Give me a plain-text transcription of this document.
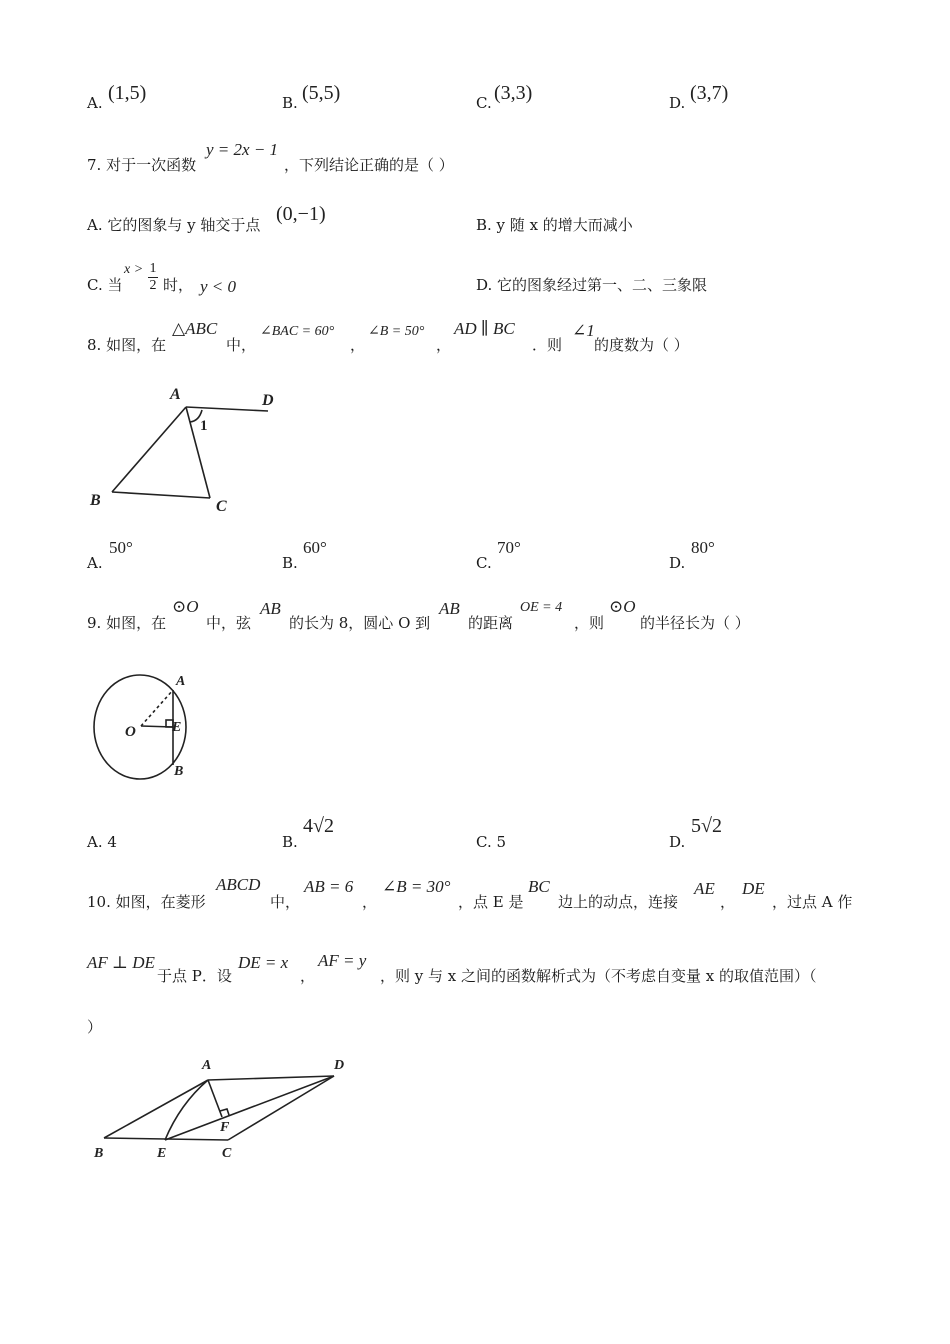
A. (1,5)	B. (5,5)	C. (3,3)	D. (3,7)
7. 对于一次函数
y = 2x − 1
，下列结论正确的是（ ）
A. 它的图象与 y 轴交于点 (0,−1)	B. y 随 x 的增大而减小
C. 当
$x > \frac{1}{2}$ 时， y < 0	D. 它的图象经过第一、二、三象限
8. 如图，在
△ABC
中，
∠BAC = 60°
，
∠B = 50°
，
AD ∥ BC
．则
∠1
的度数为（ ）
A	D
1
B	C
A.
50°
B.
60°
C.
70°
D.
80°
9. 如图，在
⊙O
中，弦
AB
的长为 8，圆心 O 到
AB
的距离
OE = 4
，则
⊙O
的半径长为（ ）
A
O	E
B
A. 4	B.
4√2
C. 5	D.
5√2
10. 如图，在菱形
ABCD
中，
AB = 6
，
∠B = 30°
，点 E 是
BC
边上的动点，连接
AE
，
DE
，过点 A 作
AF ⊥ DE
于点 P．设
DE = x
，
AF = y
，则 y 与 x 之间的函数解析式为（不考虑自变量 x 的取值范围）（
）
A	D
F
B	E	C
